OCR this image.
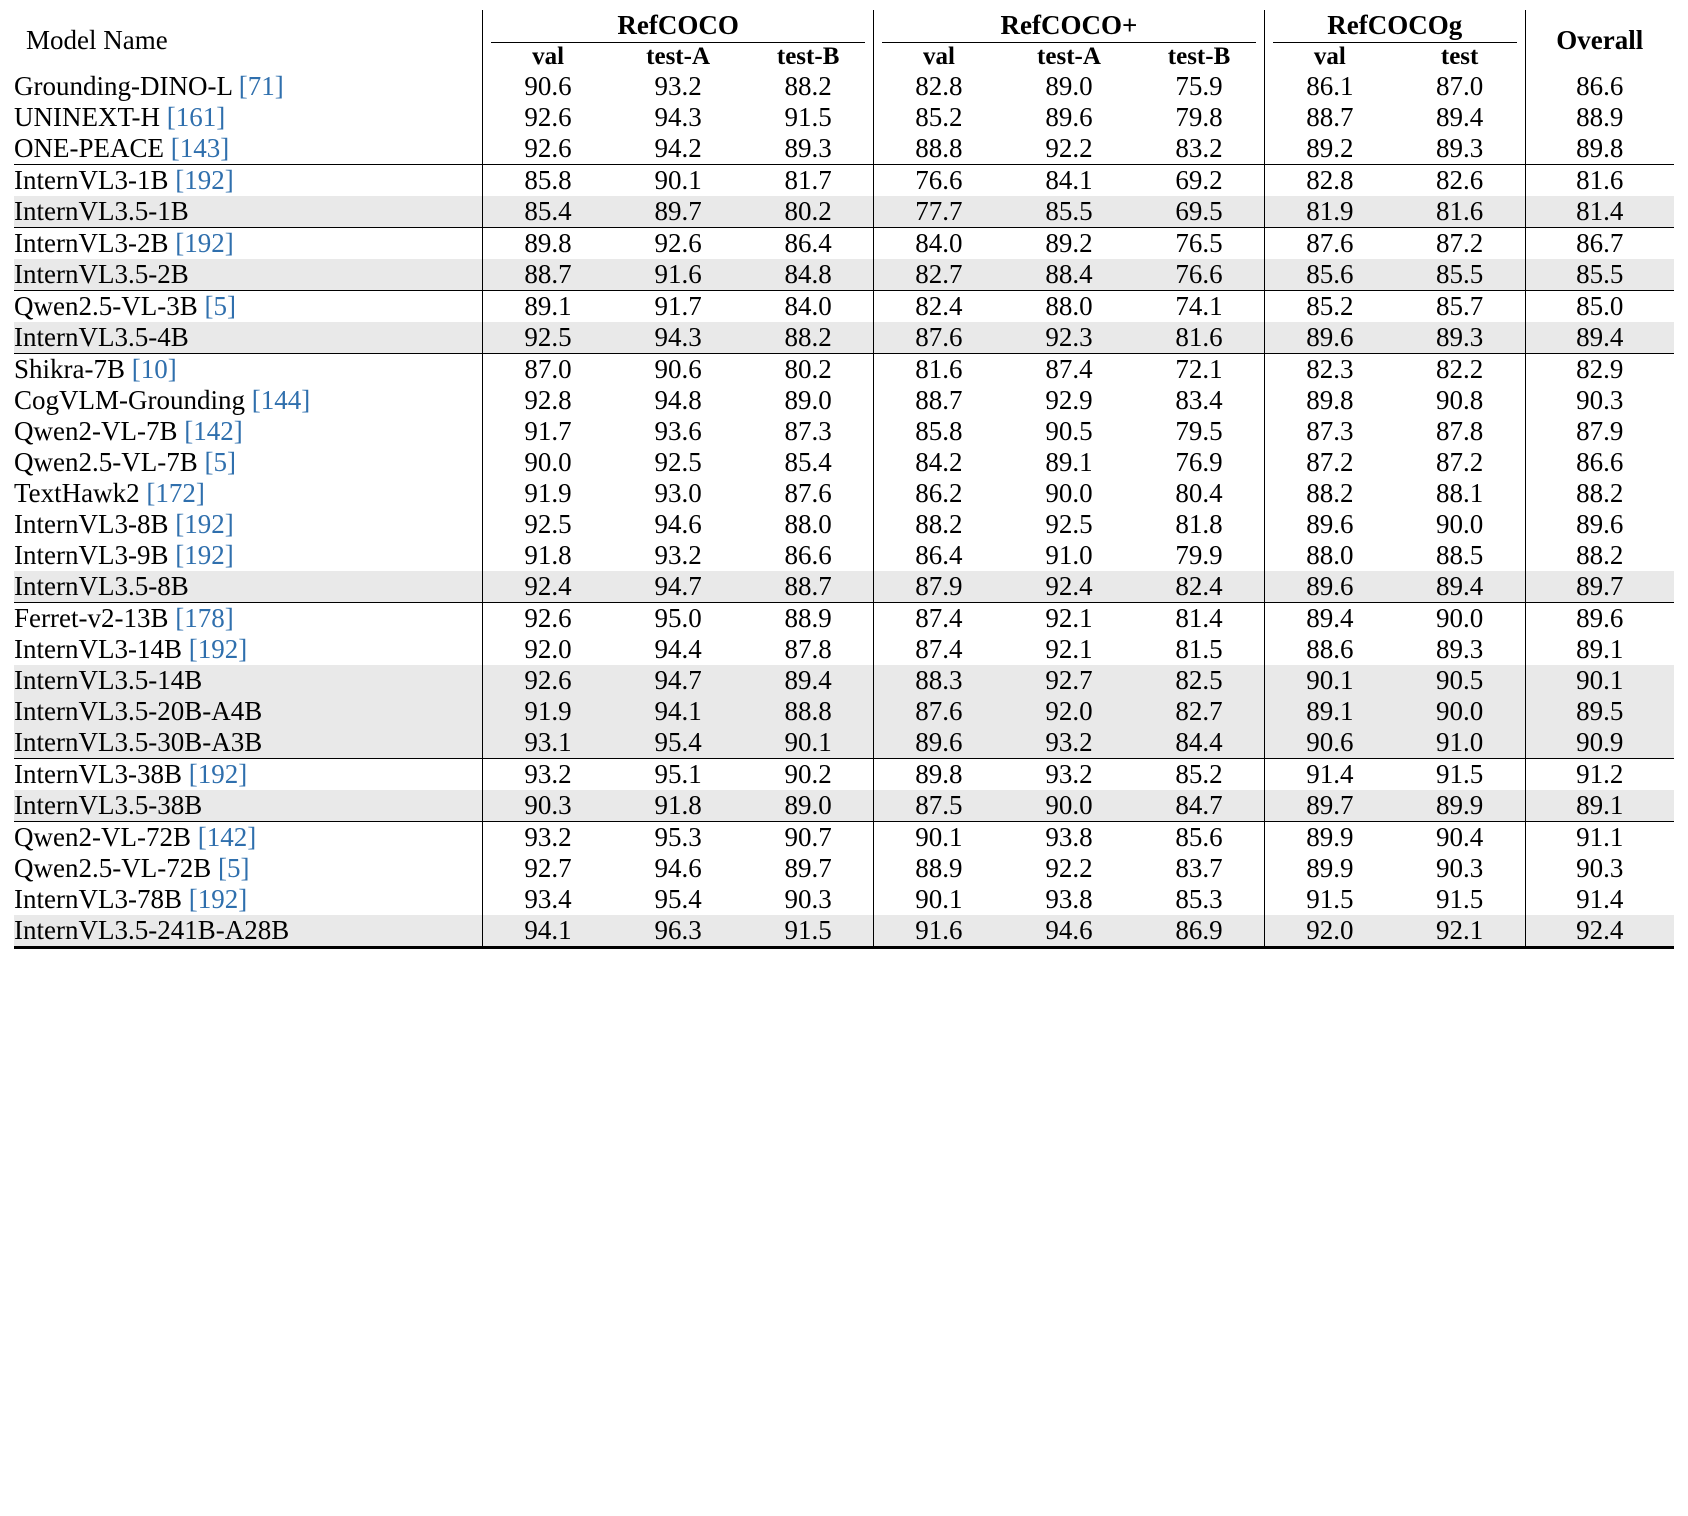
Model Name	RefCOCO			RefCOCO+			RefCOCOg		Overall
	val	test-A	test-B	val	test-A	test-B	val	test	
Grounding-DINO-L [71]	90.6	93.2	88.2	82.8	89.0	75.9	86.1	87.0	86.6
UNINEXT-H [161]	92.6	94.3	91.5	85.2	89.6	79.8	88.7	89.4	88.9
ONE-PEACE [143]	92.6	94.2	89.3	88.8	92.2	83.2	89.2	89.3	89.8
InternVL3-1B [192]	85.8	90.1	81.7	76.6	84.1	69.2	82.8	82.6	81.6
InternVL3.5-1B	85.4	89.7	80.2	77.7	85.5	69.5	81.9	81.6	81.4
InternVL3-2B [192]	89.8	92.6	86.4	84.0	89.2	76.5	87.6	87.2	86.7
InternVL3.5-2B	88.7	91.6	84.8	82.7	88.4	76.6	85.6	85.5	85.5
Qwen2.5-VL-3B [5]	89.1	91.7	84.0	82.4	88.0	74.1	85.2	85.7	85.0
InternVL3.5-4B	92.5	94.3	88.2	87.6	92.3	81.6	89.6	89.3	89.4
Shikra-7B [10]	87.0	90.6	80.2	81.6	87.4	72.1	82.3	82.2	82.9
CogVLM-Grounding [144]	92.8	94.8	89.0	88.7	92.9	83.4	89.8	90.8	90.3
Qwen2-VL-7B [142]	91.7	93.6	87.3	85.8	90.5	79.5	87.3	87.8	87.9
Qwen2.5-VL-7B [5]	90.0	92.5	85.4	84.2	89.1	76.9	87.2	87.2	86.6
TextHawk2 [172]	91.9	93.0	87.6	86.2	90.0	80.4	88.2	88.1	88.2
InternVL3-8B [192]	92.5	94.6	88.0	88.2	92.5	81.8	89.6	90.0	89.6
InternVL3-9B [192]	91.8	93.2	86.6	86.4	91.0	79.9	88.0	88.5	88.2
InternVL3.5-8B	92.4	94.7	88.7	87.9	92.4	82.4	89.6	89.4	89.7
Ferret-v2-13B [178]	92.6	95.0	88.9	87.4	92.1	81.4	89.4	90.0	89.6
InternVL3-14B [192]	92.0	94.4	87.8	87.4	92.1	81.5	88.6	89.3	89.1
InternVL3.5-14B	92.6	94.7	89.4	88.3	92.7	82.5	90.1	90.5	90.1
InternVL3.5-20B-A4B	91.9	94.1	88.8	87.6	92.0	82.7	89.1	90.0	89.5
InternVL3.5-30B-A3B	93.1	95.4	90.1	89.6	93.2	84.4	90.6	91.0	90.9
InternVL3-38B [192]	93.2	95.1	90.2	89.8	93.2	85.2	91.4	91.5	91.2
InternVL3.5-38B	90.3	91.8	89.0	87.5	90.0	84.7	89.7	89.9	89.1
Qwen2-VL-72B [142]	93.2	95.3	90.7	90.1	93.8	85.6	89.9	90.4	91.1
Qwen2.5-VL-72B [5]	92.7	94.6	89.7	88.9	92.2	83.7	89.9	90.3	90.3
InternVL3-78B [192]	93.4	95.4	90.3	90.1	93.8	85.3	91.5	91.5	91.4
InternVL3.5-241B-A28B	94.1	96.3	91.5	91.6	94.6	86.9	92.0	92.1	92.4
